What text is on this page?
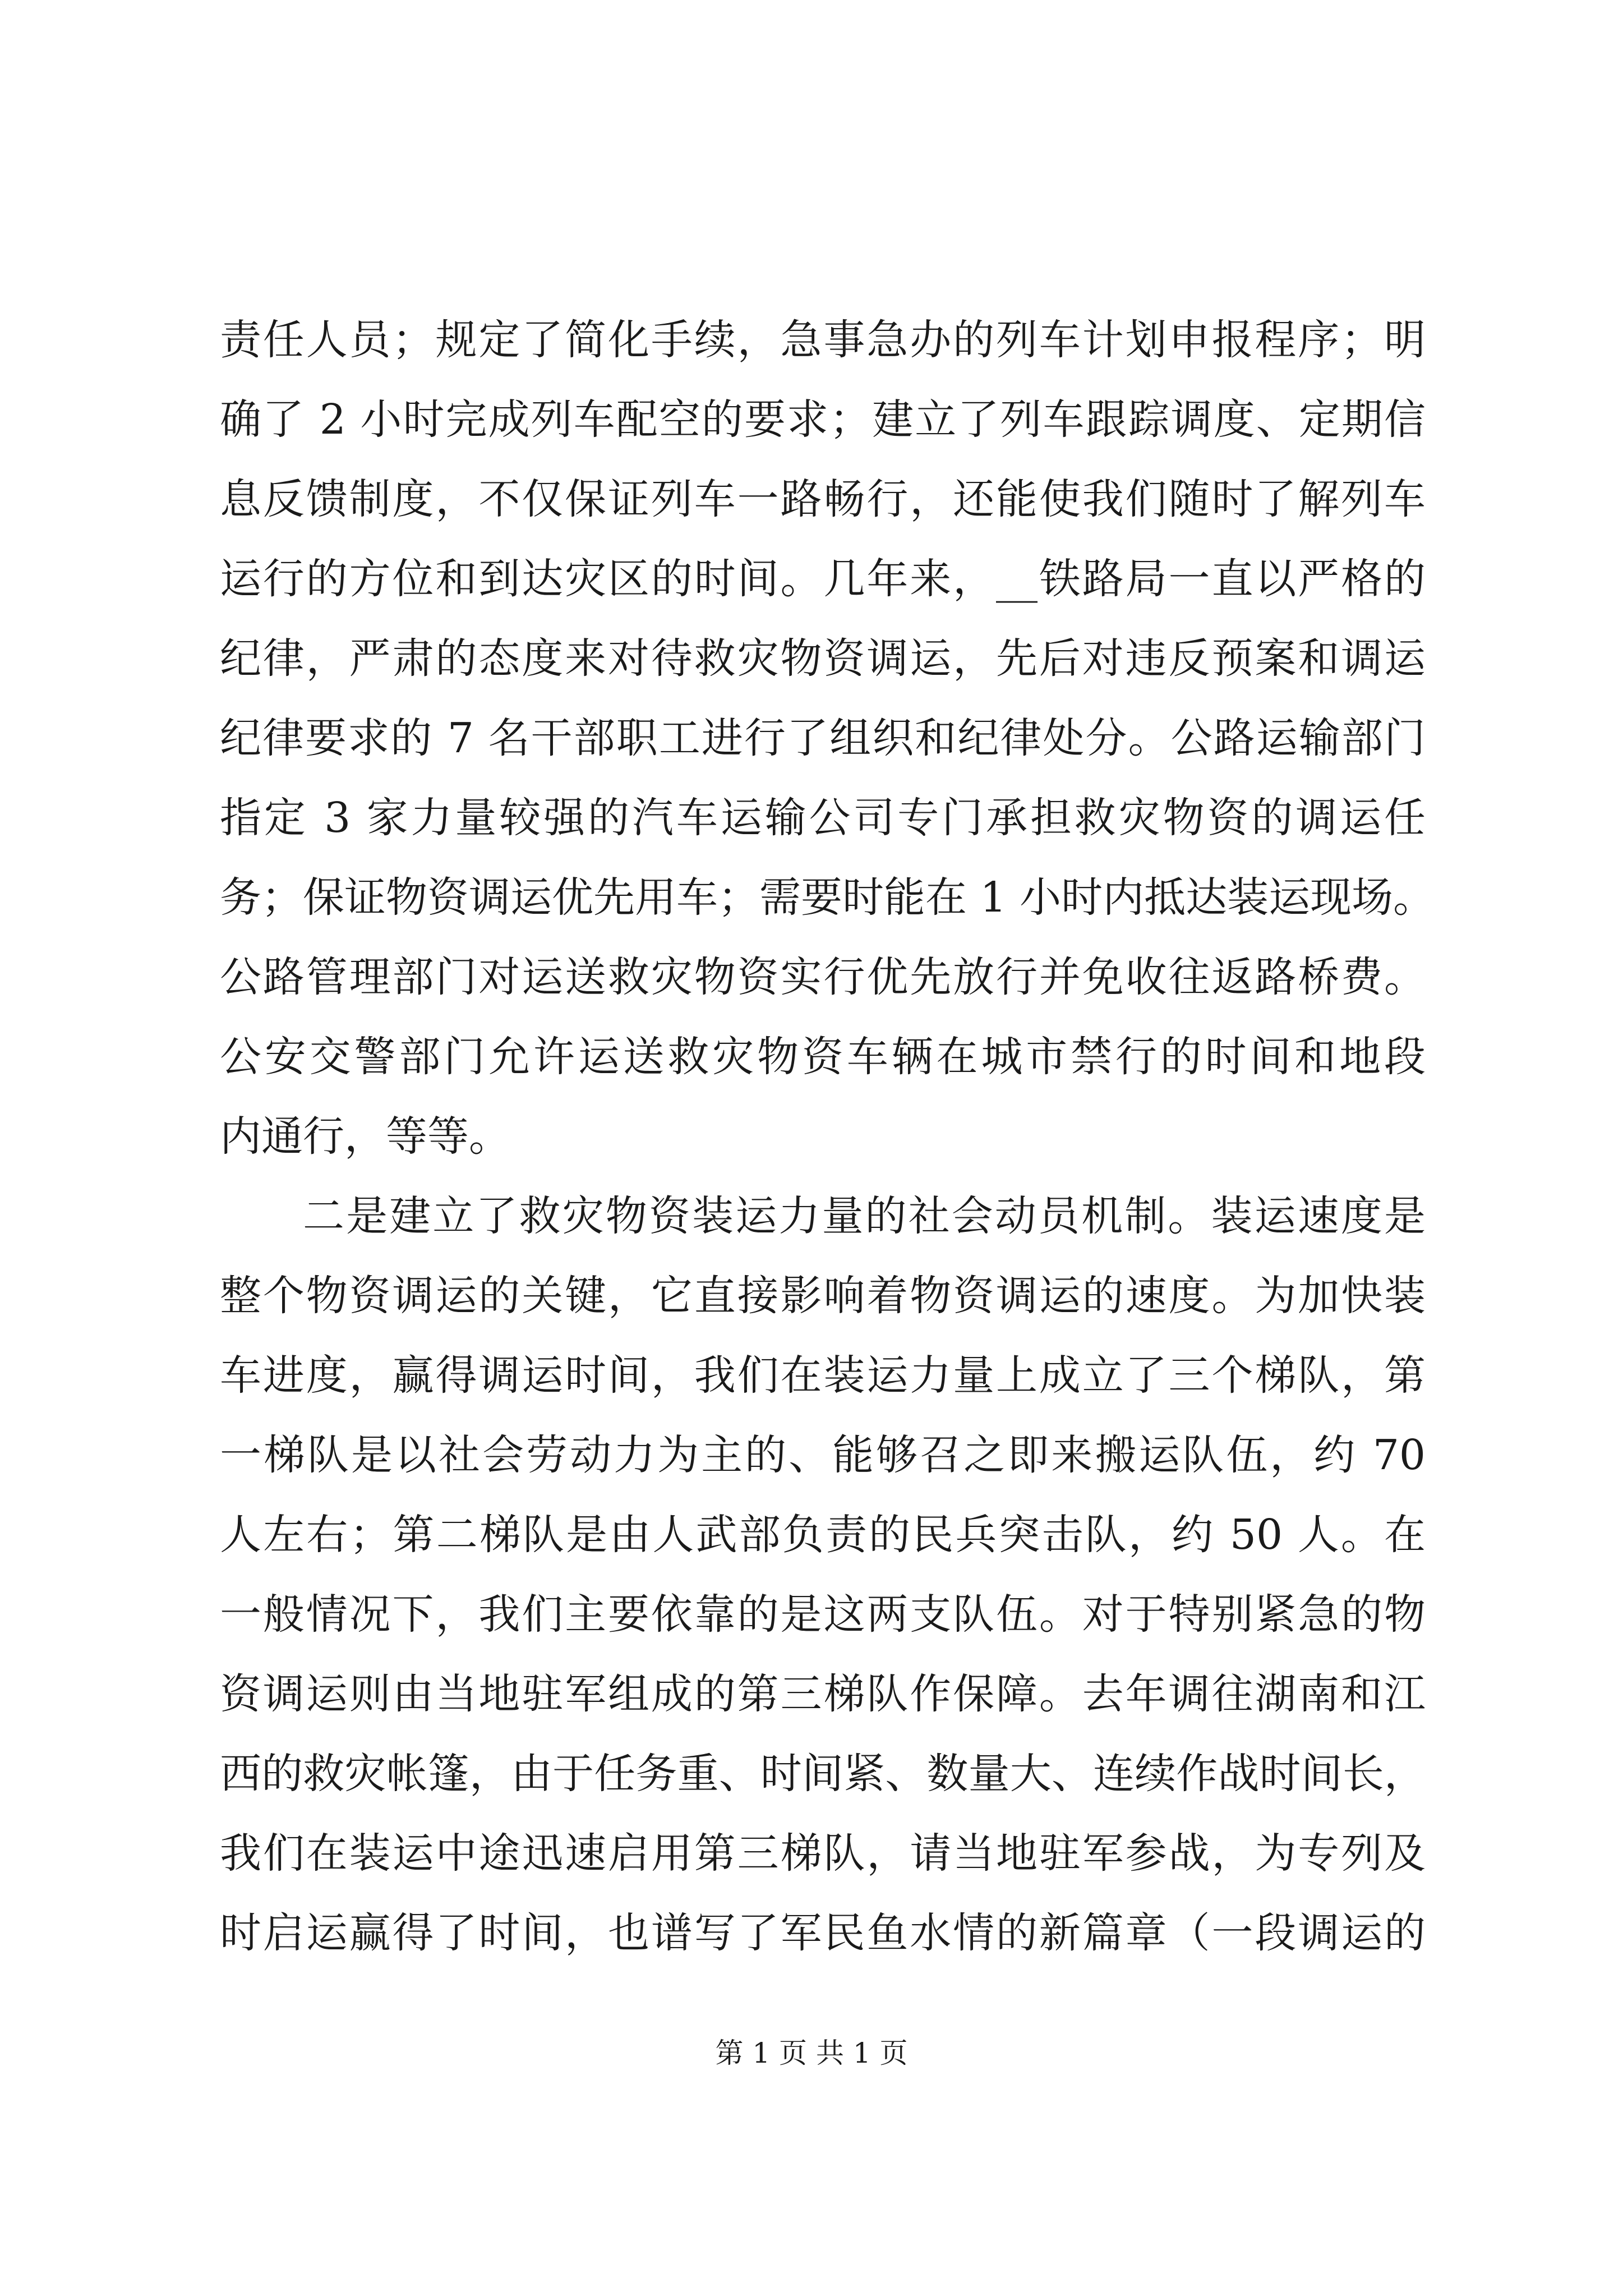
责任人员；规定了简化手续，急事急办的列车计划申报程序；明
确了 2 小时完成列车配空的要求；建立了列车跟踪调度、定期信
息反馈制度，不仅保证列车一路畅行，还能使我们随时了解列车
运行的方位和到达灾区的时间。几年来，__铁路局一直以严格的
纪律，严肃的态度来对待救灾物资调运，先后对违反预案和调运
纪律要求的 7 名干部职工进行了组织和纪律处分。公路运输部门
指定 3 家力量较强的汽车运输公司专门承担救灾物资的调运任
务；保证物资调运优先用车；需要时能在 1 小时内抵达装运现场。
公路管理部门对运送救灾物资实行优先放行并免收往返路桥费。
公安交警部门允许运送救灾物资车辆在城市禁行的时间和地段
内通行，等等。
二是建立了救灾物资装运力量的社会动员机制。装运速度是
整个物资调运的关键，它直接影响着物资调运的速度。为加快装
车进度，赢得调运时间，我们在装运力量上成立了三个梯队，第
一梯队是以社会劳动力为主的、能够召之即来搬运队伍，约 70
人左右；第二梯队是由人武部负责的民兵突击队，约 50 人。在
一般情况下，我们主要依靠的是这两支队伍。对于特别紧急的物
资调运则由当地驻军组成的第三梯队作保障。去年调往湖南和江
西的救灾帐篷，由于任务重、时间紧、数量大、连续作战时间长，
我们在装运中途迅速启用第三梯队，请当地驻军参战，为专列及
时启运赢得了时间，也谱写了军民鱼水情的新篇章（一段调运的
第 1 页 共 1 页
